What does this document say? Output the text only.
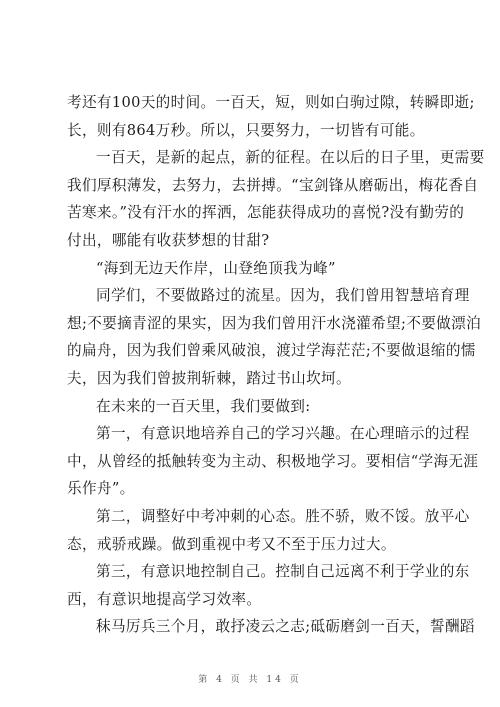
考还有100天的时间。一百天，短，则如白驹过隙，转瞬即逝;
长，则有864万秒。所以，只要努力，一切皆有可能。

一百天，是新的起点，新的征程。在以后的日子里，更需要
我们厚积薄发，去努力，去拼搏。“宝剑锋从磨砺出，梅花香自
苦寒来。”没有汗水的挥洒，怎能获得成功的喜悦?没有勤劳的
付出，哪能有收获梦想的甘甜?

“海到无边天作岸，山登绝顶我为峰”

同学们，不要做路过的流星。因为，我们曾用智慧培育理
想;不要摘青涩的果实，因为我们曾用汗水浇灌希望;不要做漂泊
的扁舟，因为我们曾乘风破浪，渡过学海茫茫;不要做退缩的懦
夫，因为我们曾披荆斩棘，踏过书山坎坷。

在未来的一百天里，我们要做到:

第一，有意识地培养自己的学习兴趣。在心理暗示的过程
中，从曾经的抵触转变为主动、积极地学习。要相信“学海无涯
乐作舟”。

第二，调整好中考冲刺的心态。胜不骄，败不馁。放平心
态，戒骄戒躁。做到重视中考又不至于压力过大。

第三，有意识地控制自己。控制自己远离不利于学业的东
西，有意识地提高学习效率。

秣马厉兵三个月，敢抒凌云之志;砥砺磨剑一百天，誓酬蹈

第 4 页 共 14 页
